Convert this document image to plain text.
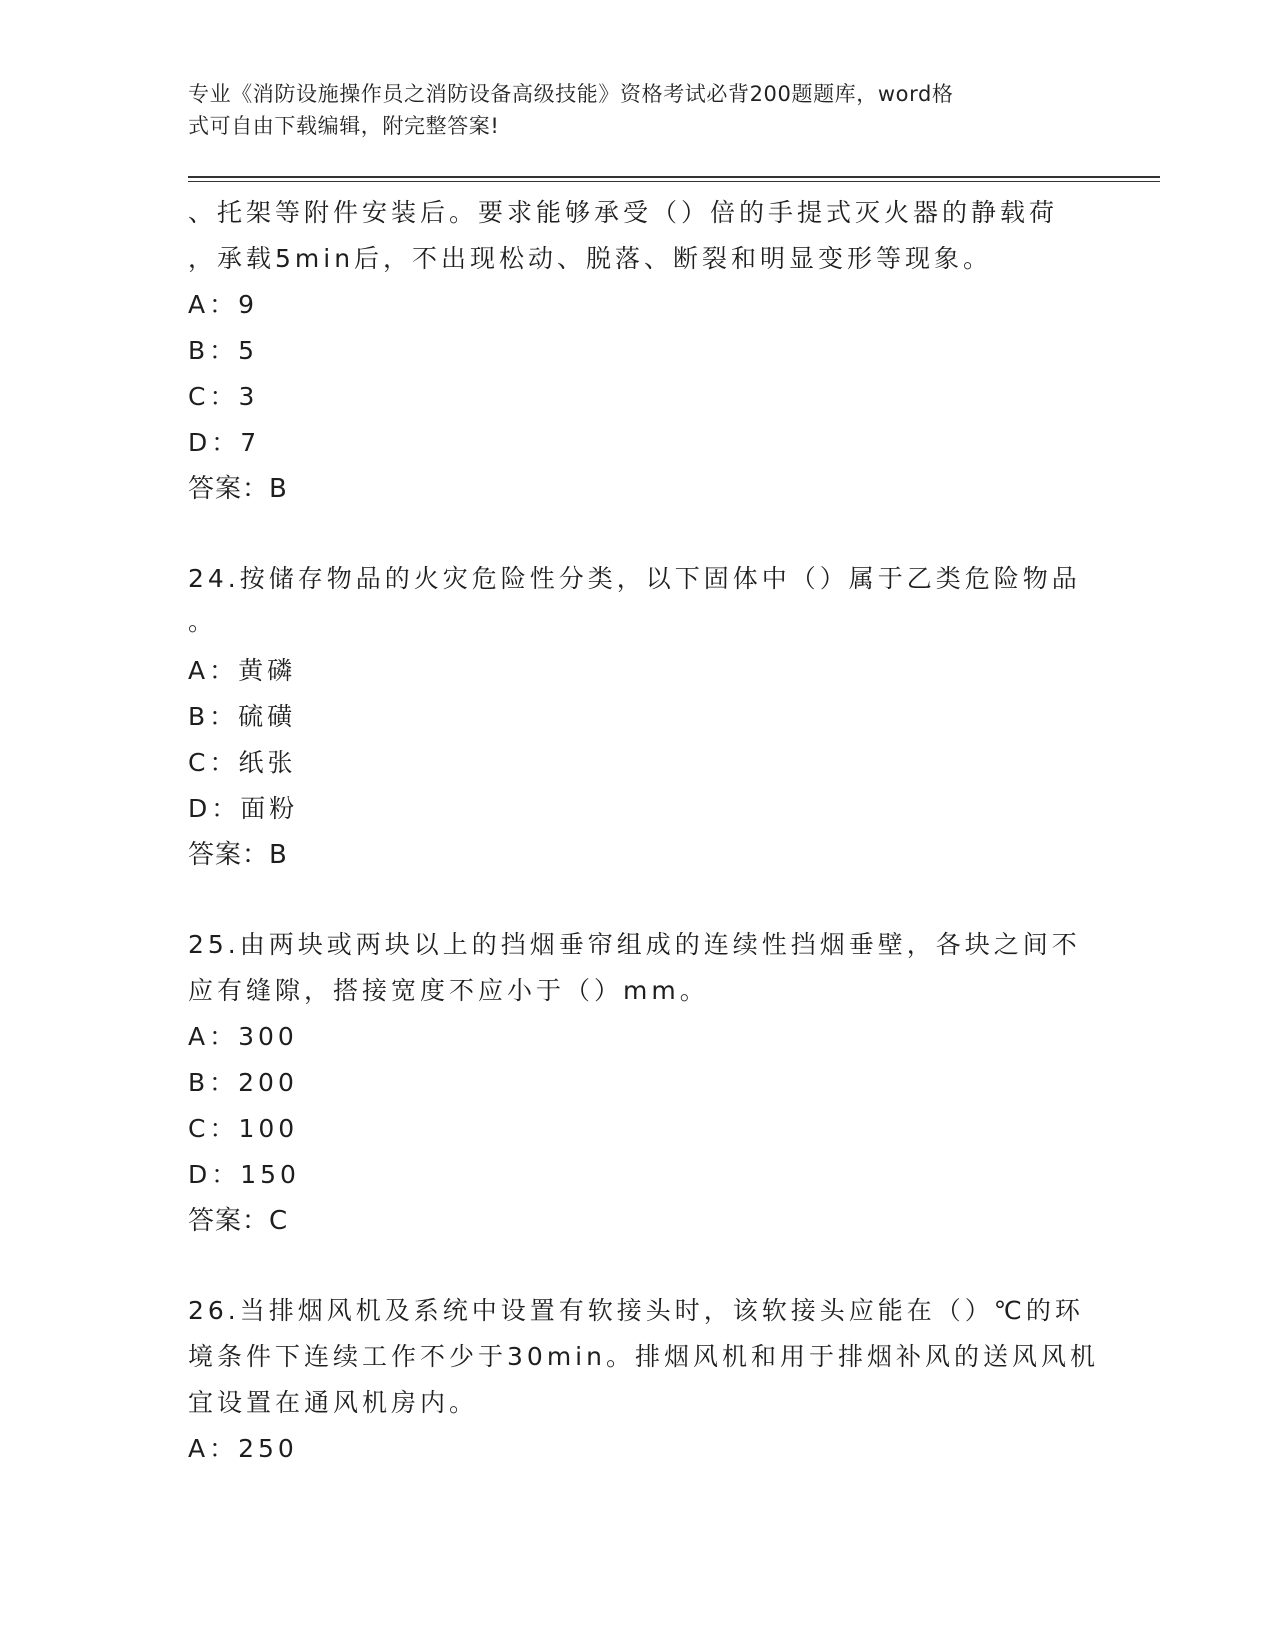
专业《消防设施操作员之消防设备高级技能》资格考试必背200题题库，word格
式可自由下载编辑，附完整答案!
、托架等附件安装后。要求能够承受（）倍的手提式灭火器的静载荷
，承载5min后，不出现松动、脱落、断裂和明显变形等现象。
A：9
B：5
C：3
D：7
答案：B
24.按储存物品的火灾危险性分类，以下固体中（）属于乙类危险物品
。
A：黄磷
B：硫磺
C：纸张
D：面粉
答案：B
25.由两块或两块以上的挡烟垂帘组成的连续性挡烟垂壁，各块之间不
应有缝隙，搭接宽度不应小于（）mm。
A：300
B：200
C：100
D：150
答案：C
26.当排烟风机及系统中设置有软接头时，该软接头应能在（）℃的环
境条件下连续工作不少于30min。排烟风机和用于排烟补风的送风风机
宜设置在通风机房内。
A：250
